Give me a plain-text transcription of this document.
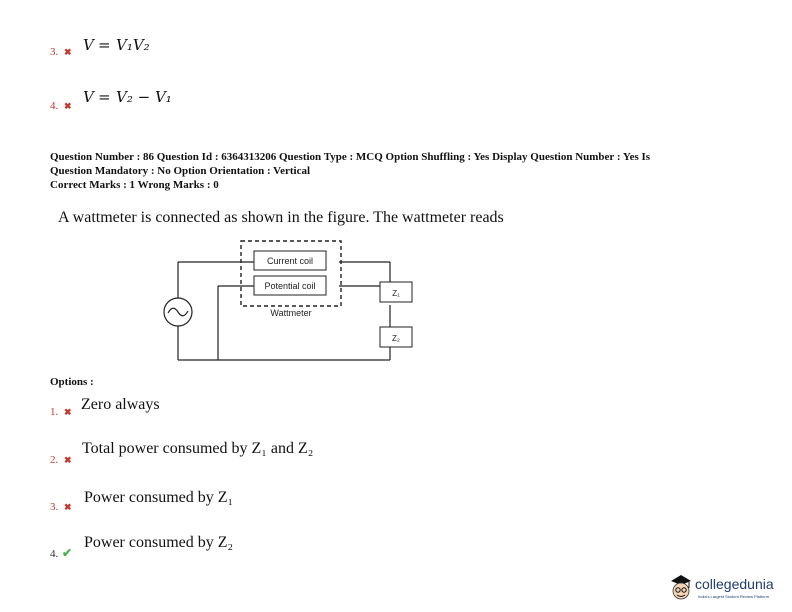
3. ✖ V = V₁V₂
4. ✖ V = V₂ − V₁
Question Number : 86 Question Id : 6364313206 Question Type : MCQ Option Shuffling : Yes Display Question Number : Yes Is
Question Mandatory : No Option Orientation : Vertical
Correct Marks : 1 Wrong Marks : 0
A wattmeter is connected as shown in the figure. The wattmeter reads
Current coil
Potential coil
Wattmeter
Z₁
Z₂
Options :
1. ✖ Zero always
2. ✖
Total power consumed by Z₁ and Z₂
3. ✖
Power consumed by Z₁
4. ✔
Power consumed by Z₂
collegedunia
India's Largest Student Review Platform
